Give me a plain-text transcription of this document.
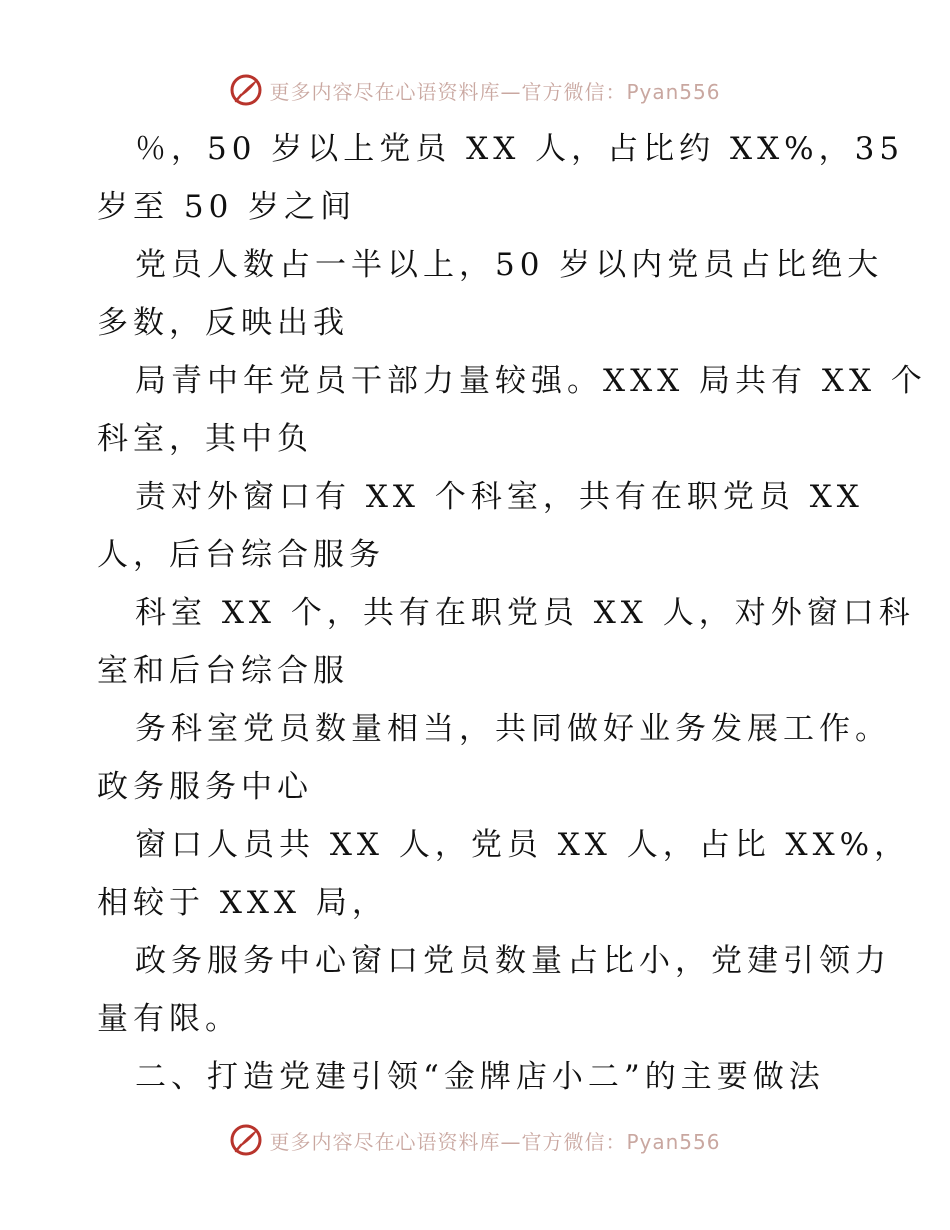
更多内容尽在心语资料库—官方微信：Pyan556
％，50 岁以上党员 XX 人，占比约 XX%，35
岁至 50 岁之间
党员人数占一半以上，50 岁以内党员占比绝大
多数，反映出我
局青中年党员干部力量较强。XXX 局共有 XX 个
科室，其中负
责对外窗口有 XX 个科室，共有在职党员 XX
人，后台综合服务
科室 XX 个，共有在职党员 XX 人，对外窗口科
室和后台综合服
务科室党员数量相当，共同做好业务发展工作。
政务服务中心
窗口人员共 XX 人，党员 XX 人，占比 XX%，
相较于 XXX 局，
政务服务中心窗口党员数量占比小，党建引领力
量有限。
二、打造党建引领“金牌店小二”的主要做法
更多内容尽在心语资料库—官方微信：Pyan556
